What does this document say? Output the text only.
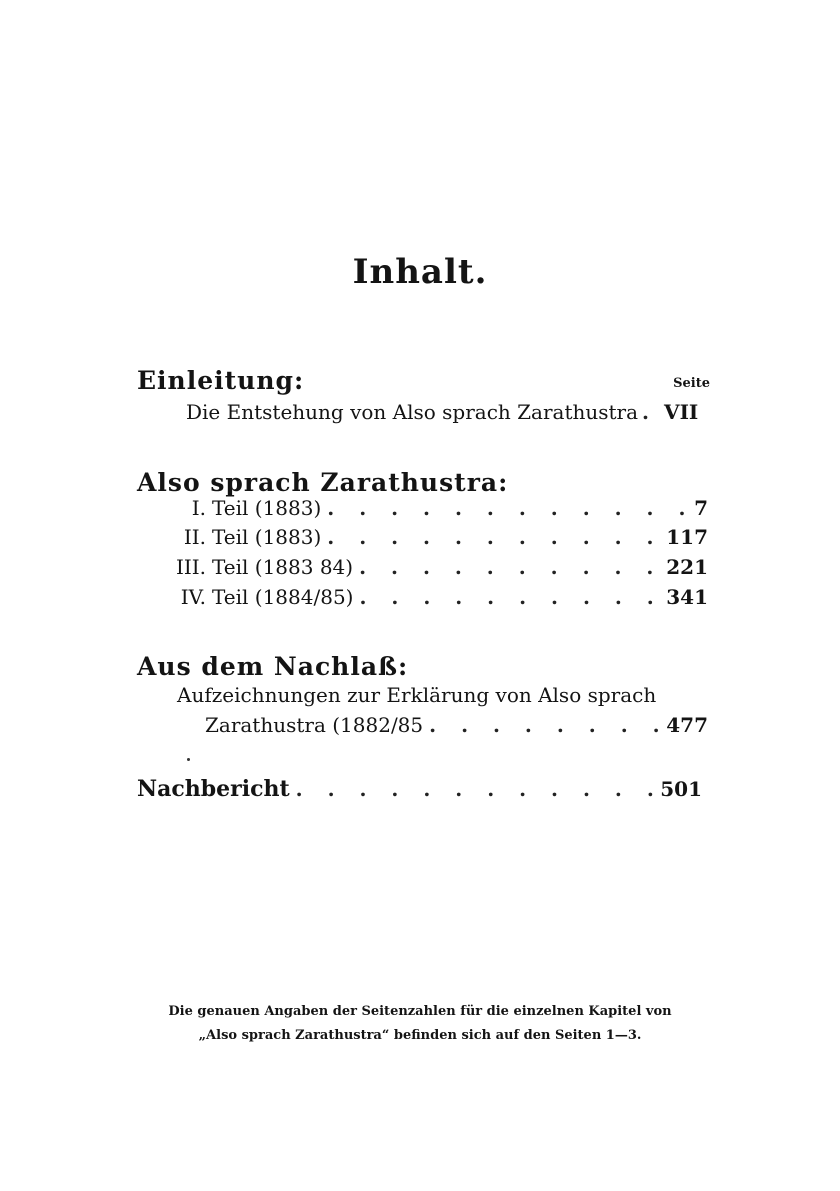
Inhalt.
Einleitung:	Seite
Die Entstehung von Also sprach Zarathustra . . . VII
Also sprach Zarathustra:
I. Teil (1883) . . .	7
II. Teil (1883) . . .	117
III. Teil (1883 84) . . .	221
IV. Teil (1884/85) . . .	341
Aus dem Nachlaß:
Aufzeichnungen zur Erklärung von Also sprach
Zarathustra (1882/85 . . .	477
Nachbericht . . .	501
Die genauen Angaben der Seitenzahlen für die einzelnen Kapitel von
„Also sprach Zarathustra“ befinden sich auf den Seiten 1—3.
